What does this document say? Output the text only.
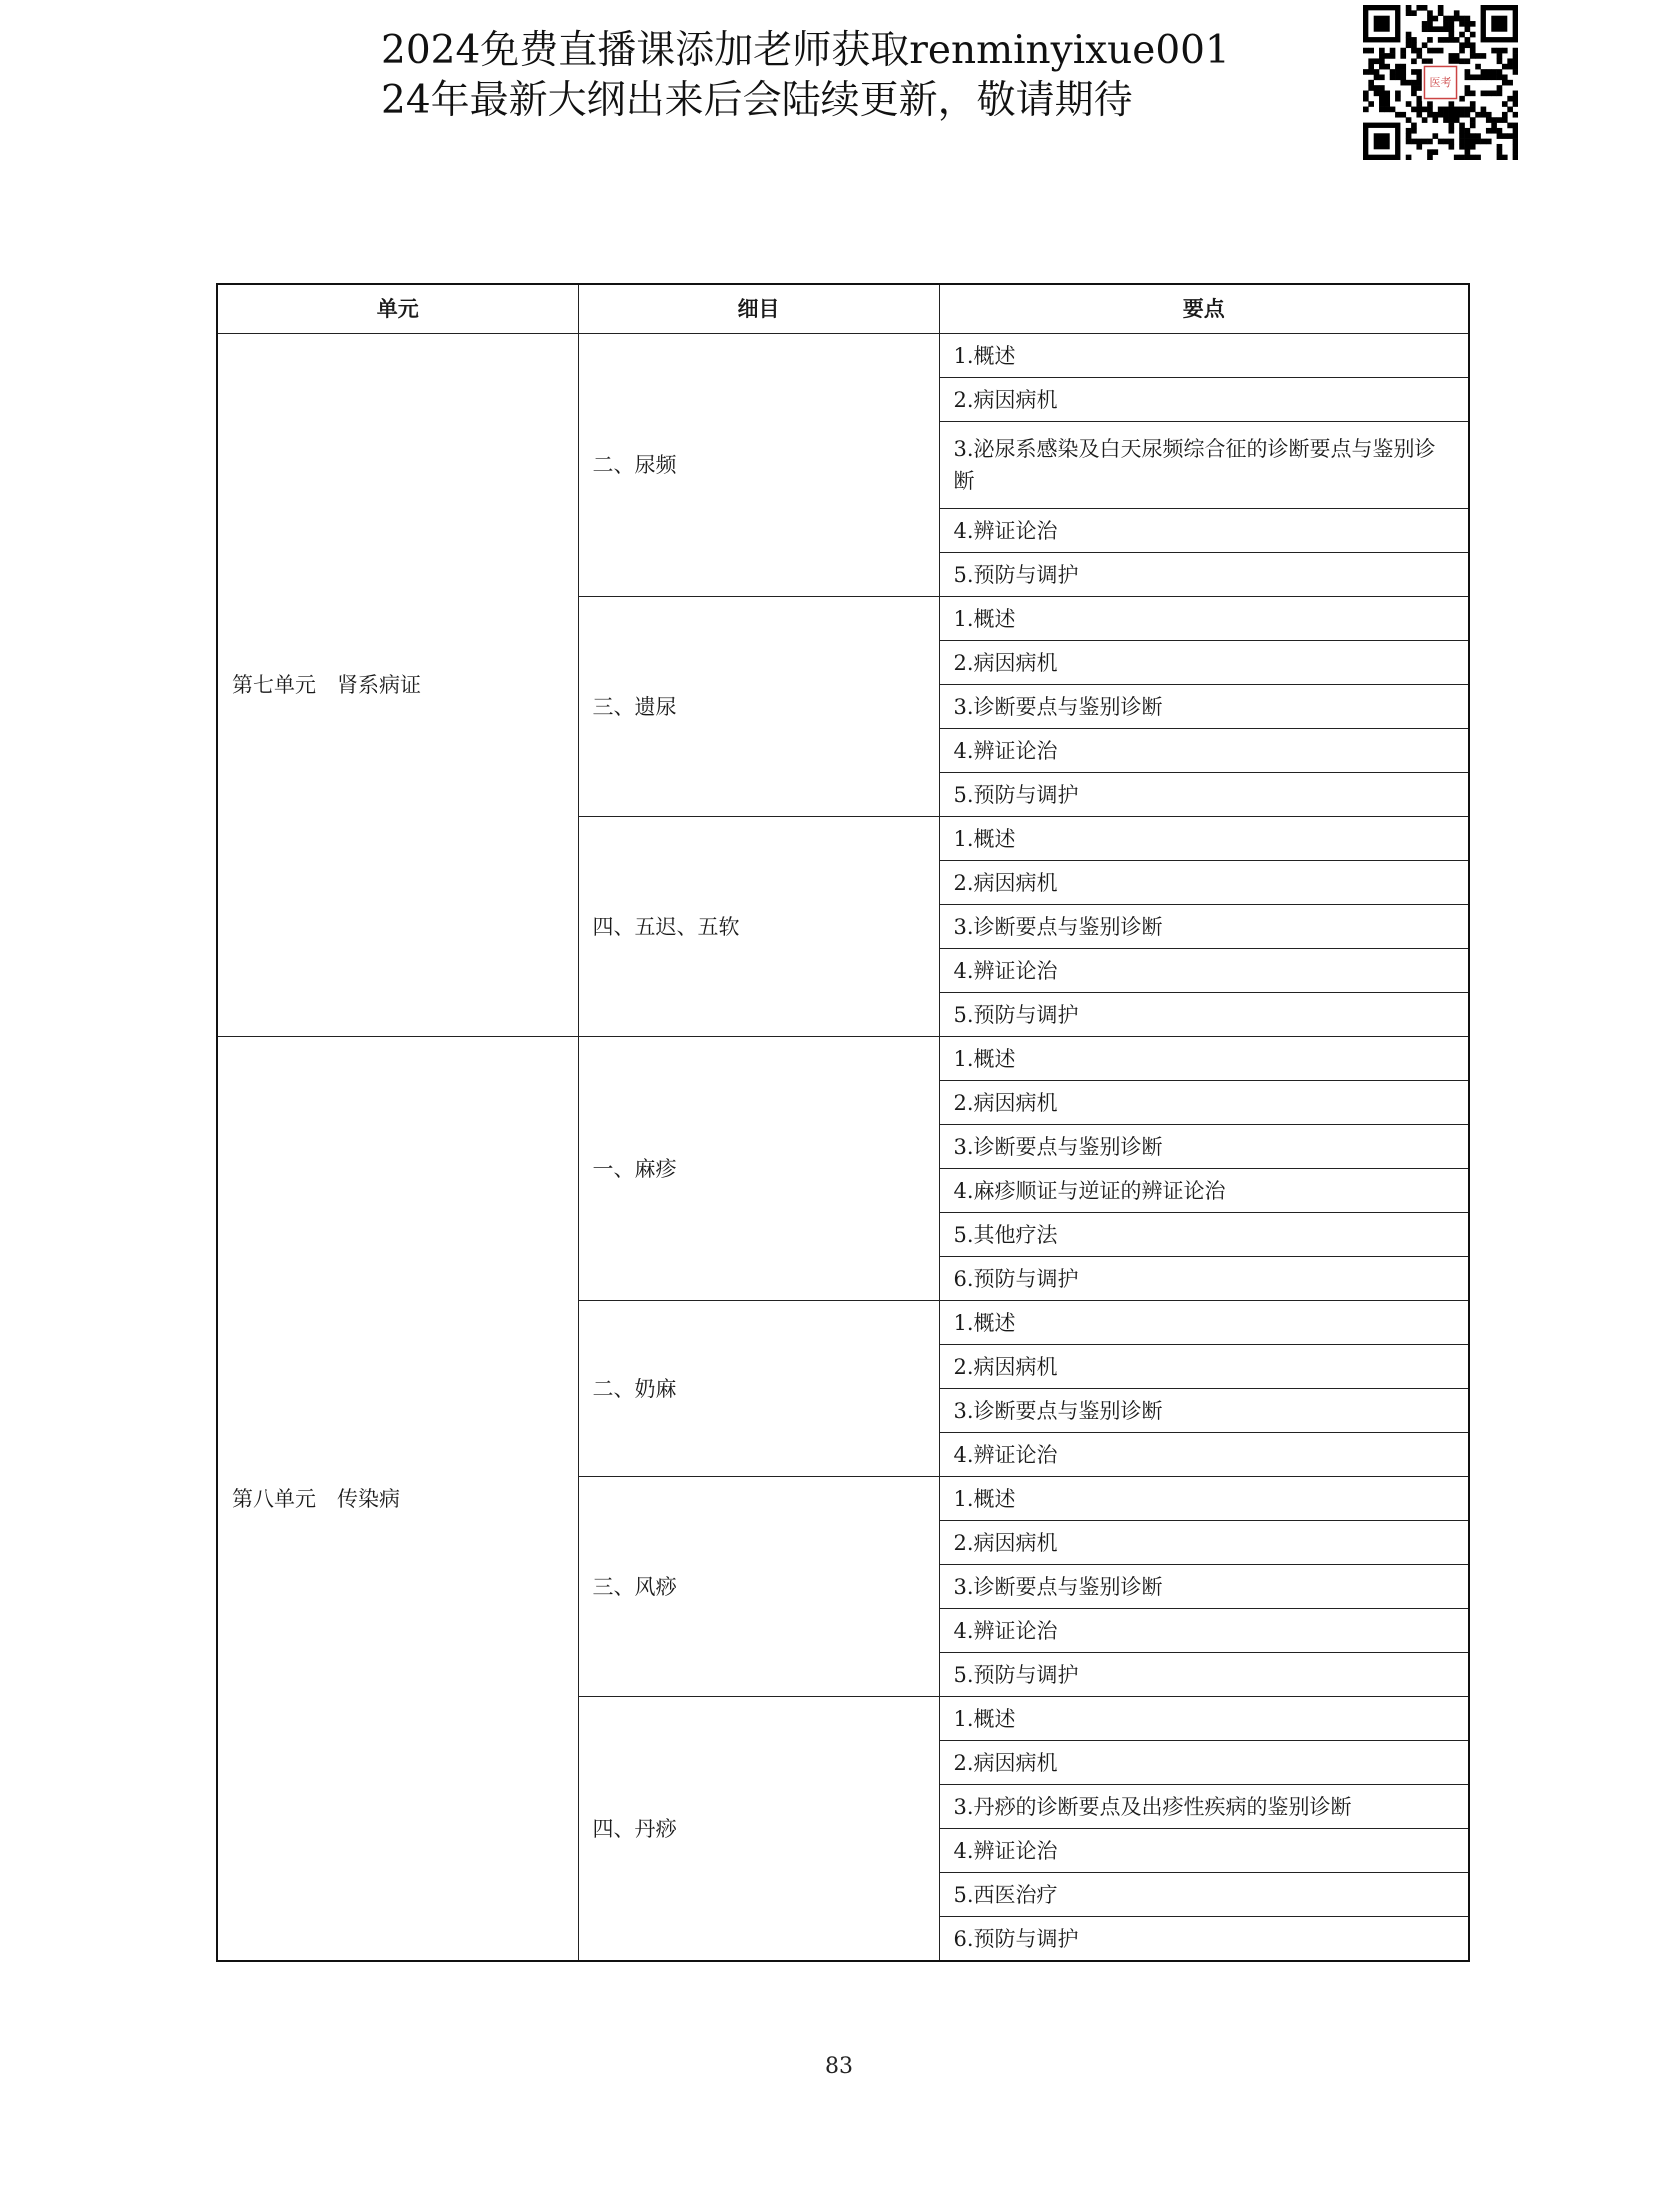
2024免费直播课添加老师获取renminyixue001
24年最新大纲出来后会陆续更新，敬请期待	医考
单元	细目	要点
第七单元　肾系病证	二、尿频	1.概述
		2.病因病机
		3.泌尿系感染及白天尿频综合征的诊断要点与鉴别诊断
		4.辨证论治
		5.预防与调护
	三、遗尿	1.概述
		2.病因病机
		3.诊断要点与鉴别诊断
		4.辨证论治
		5.预防与调护
	四、五迟、五软	1.概述
		2.病因病机
		3.诊断要点与鉴别诊断
		4.辨证论治
		5.预防与调护
第八单元　传染病	一、麻疹	1.概述
		2.病因病机
		3.诊断要点与鉴别诊断
		4.麻疹顺证与逆证的辨证论治
		5.其他疗法
		6.预防与调护
	二、奶麻	1.概述
		2.病因病机
		3.诊断要点与鉴别诊断
		4.辨证论治
	三、风痧	1.概述
		2.病因病机
		3.诊断要点与鉴别诊断
		4.辨证论治
		5.预防与调护
	四、丹痧	1.概述
		2.病因病机
		3.丹痧的诊断要点及出疹性疾病的鉴别诊断
		4.辨证论治
		5.西医治疗
		6.预防与调护
83
